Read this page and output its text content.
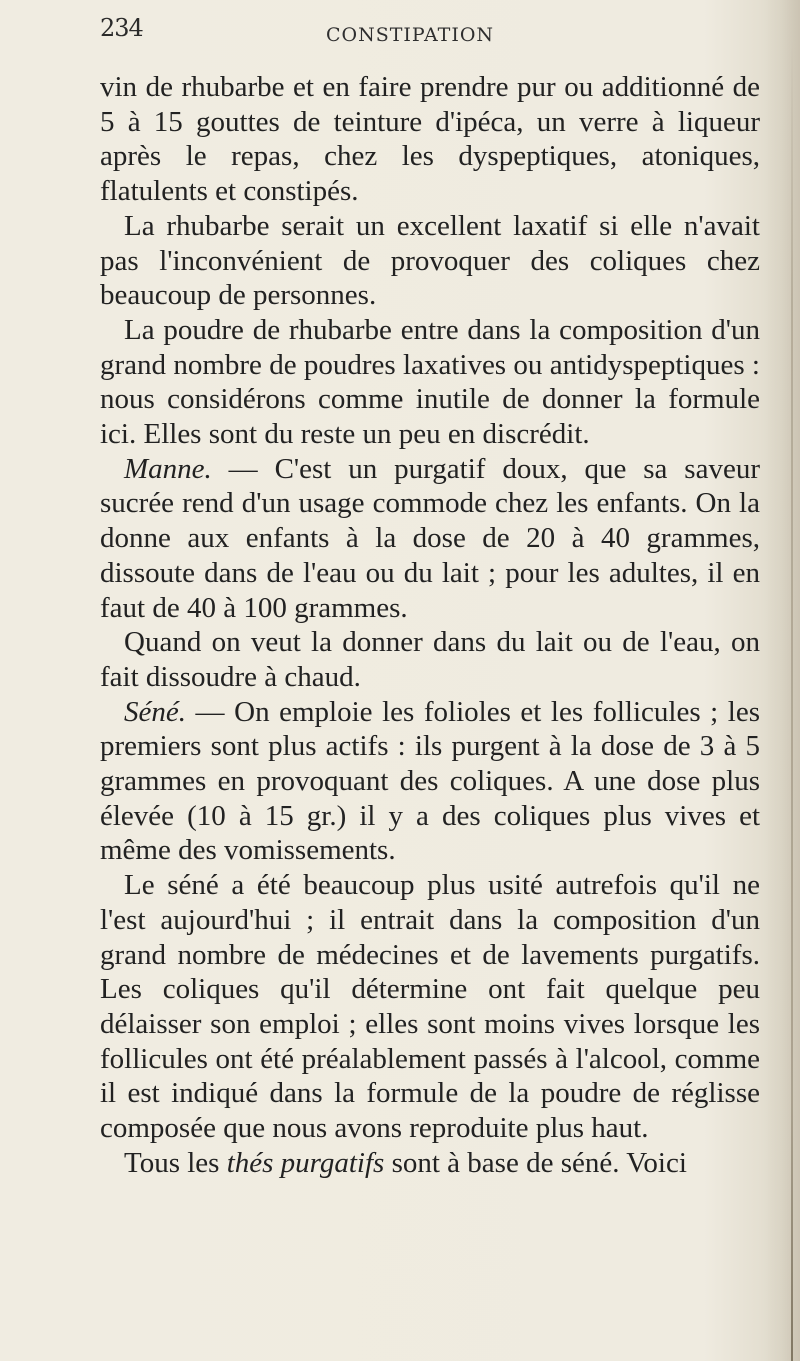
234	CONSTIPATION

vin de rhubarbe et en faire prendre pur ou additionné de 5 à 15 gouttes de teinture d'ipéca, un verre à liqueur après le repas, chez les dyspeptiques, atoniques, flatulents et constipés.

La rhubarbe serait un excellent laxatif si elle n'avait pas l'inconvénient de provoquer des coliques chez beaucoup de personnes.

La poudre de rhubarbe entre dans la composition d'un grand nombre de poudres laxatives ou antidyspeptiques : nous considérons comme inutile de donner la formule ici. Elles sont du reste un peu en discrédit.

Manne. — C'est un purgatif doux, que sa saveur sucrée rend d'un usage commode chez les enfants. On la donne aux enfants à la dose de 20 à 40 grammes, dissoute dans de l'eau ou du lait ; pour les adultes, il en faut de 40 à 100 grammes.

Quand on veut la donner dans du lait ou de l'eau, on fait dissoudre à chaud.

Séné. — On emploie les folioles et les follicules ; les premiers sont plus actifs : ils purgent à la dose de 3 à 5 grammes en provoquant des coliques. A une dose plus élevée (10 à 15 gr.) il y a des coliques plus vives et même des vomissements.

Le séné a été beaucoup plus usité autrefois qu'il ne l'est aujourd'hui ; il entrait dans la composition d'un grand nombre de médecines et de lavements purgatifs. Les coliques qu'il détermine ont fait quelque peu délaisser son emploi ; elles sont moins vives lorsque les follicules ont été préalablement passés à l'alcool, comme il est indiqué dans la formule de la poudre de réglisse composée que nous avons reproduite plus haut.

Tous les thés purgatifs sont à base de séné. Voici
